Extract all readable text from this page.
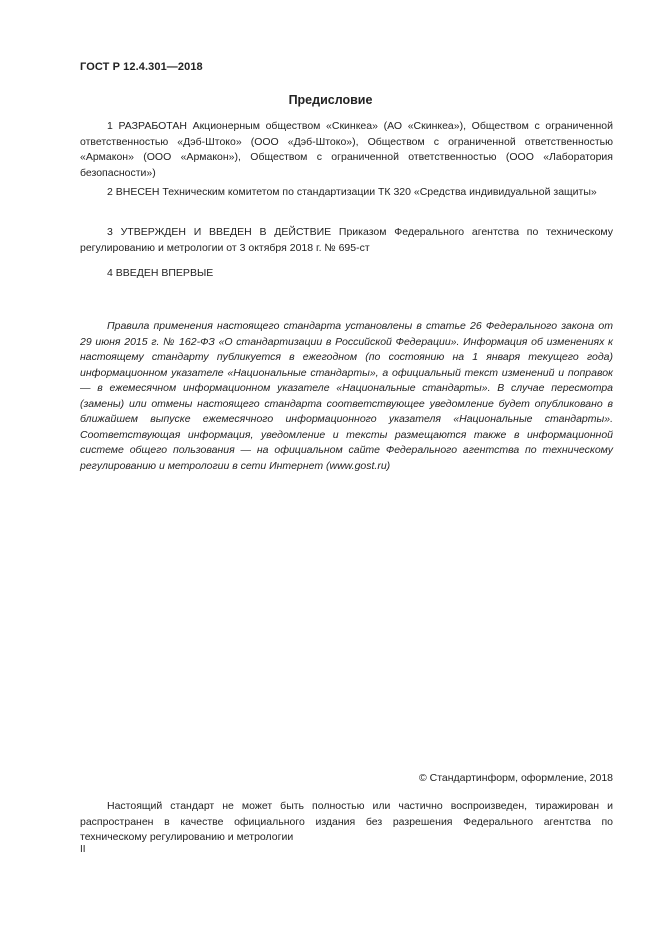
ГОСТ Р 12.4.301—2018
Предисловие

1 РАЗРАБОТАН Акционерным обществом «Скинкеа» (АО «Скинкеа»), Обществом с ограниченной ответственностью «Дэб-Штоко» (ООО «Дэб-Штоко»), Обществом с ограниченной ответственностью «Армакон» (ООО «Армакон»), Обществом с ограниченной ответственностью (ООО «Лаборатория безопасности»)

2 ВНЕСЕН Техническим комитетом по стандартизации ТК 320 «Средства индивидуальной защиты»

3 УТВЕРЖДЕН И ВВЕДЕН В ДЕЙСТВИЕ Приказом Федерального агентства по техническому регулированию и метрологии от 3 октября 2018 г. № 695-ст

4 ВВЕДЕН ВПЕРВЫЕ

Правила применения настоящего стандарта установлены в статье 26 Федерального закона от 29 июня 2015 г. № 162-ФЗ «О стандартизации в Российской Федерации». Информация об изменениях к настоящему стандарту публикуется в ежегодном (по состоянию на 1 января текущего года) информационном указателе «Национальные стандарты», а официальный текст изменений и поправок — в ежемесячном информационном указателе «Национальные стандарты». В случае пересмотра (замены) или отмены настоящего стандарта соответствующее уведомление будет опубликовано в ближайшем выпуске ежемесячного информационного указателя «Национальные стандарты». Соответствующая информация, уведомление и тексты размещаются также в информационной системе общего пользования — на официальном сайте Федерального агентства по техническому регулированию и метрологии в сети Интернет (www.gost.ru)

© Стандартинформ, оформление, 2018

Настоящий стандарт не может быть полностью или частично воспроизведен, тиражирован и распространен в качестве официального издания без разрешения Федерального агентства по техническому регулированию и метрологии

II
